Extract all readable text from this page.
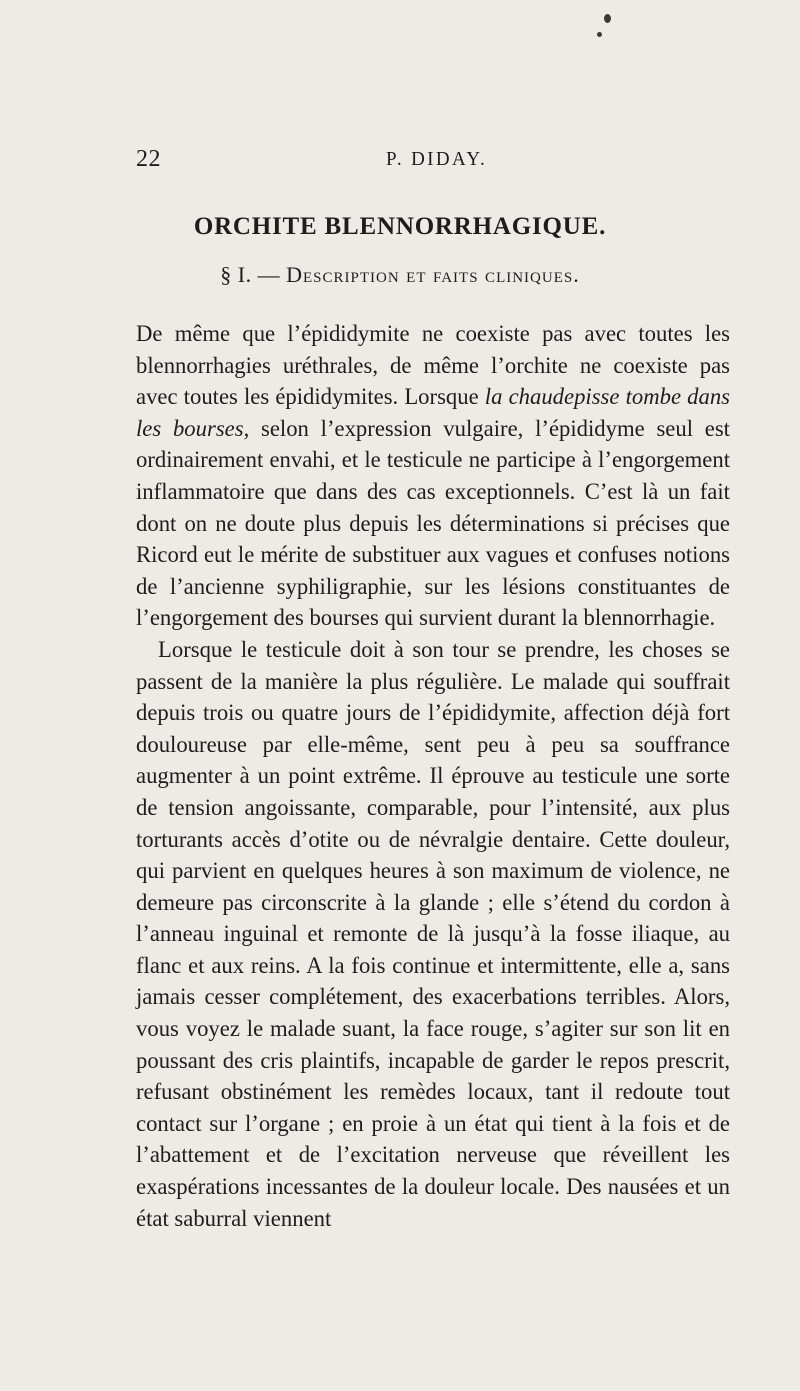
22	P. DIDAY.
ORCHITE BLENNORRHAGIQUE.
§ I. — Description et faits cliniques.

De même que l’épididymite ne coexiste pas avec toutes les blennorrhagies uréthrales, de même l’orchite ne coexiste pas avec toutes les épididymites. Lorsque la chaudepisse tombe dans les bourses, selon l’expression vulgaire, l’épididyme seul est ordinairement envahi, et le testicule ne participe à l’engorgement inflammatoire que dans des cas exceptionnels. C’est là un fait dont on ne doute plus depuis les déterminations si précises que Ricord eut le mérite de substituer aux vagues et confuses notions de l’ancienne syphiligraphie, sur les lésions constituantes de l’engorgement des bourses qui survient durant la blennorrhagie.

Lorsque le testicule doit à son tour se prendre, les choses se passent de la manière la plus régulière. Le malade qui souffrait depuis trois ou quatre jours de l’épididymite, affection déjà fort douloureuse par elle-même, sent peu à peu sa souffrance augmenter à un point extrême. Il éprouve au testicule une sorte de tension angoissante, comparable, pour l’intensité, aux plus torturants accès d’otite ou de névralgie dentaire. Cette douleur, qui parvient en quelques heures à son maximum de violence, ne demeure pas circonscrite à la glande ; elle s’étend du cordon à l’anneau inguinal et remonte de là jusqu’à la fosse iliaque, au flanc et aux reins. A la fois continue et intermittente, elle a, sans jamais cesser complétement, des exacerbations terribles. Alors, vous voyez le malade suant, la face rouge, s’agiter sur son lit en poussant des cris plaintifs, incapable de garder le repos prescrit, refusant obstinément les remèdes locaux, tant il redoute tout contact sur l’organe ; en proie à un état qui tient à la fois et de l’abattement et de l’excitation nerveuse que réveillent les exaspérations incessantes de la douleur locale. Des nausées et un état saburral viennent
